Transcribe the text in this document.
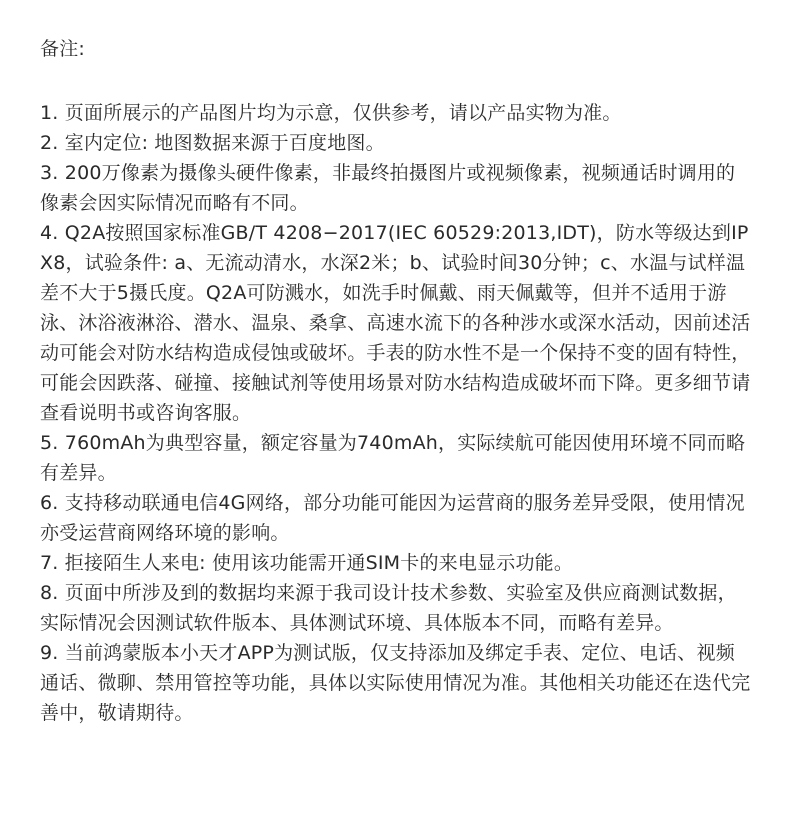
备注:
1. 页面所展示的产品图片均为示意，仅供参考，请以产品实物为准。
2. 室内定位: 地图数据来源于百度地图。
3. 200万像素为摄像头硬件像素，非最终拍摄图片或视频像素，视频通话时调用的像素会因实际情况而略有不同。
4. Q2A按照国家标准GB/T 4208−2017(IEC 60529:2013,IDT)，防水等级达到IPX8，试验条件: a、无流动清水，水深2米；b、试验时间30分钟；c、水温与试样温差不大于5摄氏度。Q2A可防溅水，如洗手时佩戴、雨天佩戴等，但并不适用于游泳、沐浴液淋浴、潜水、温泉、桑拿、高速水流下的各种涉水或深水活动，因前述活动可能会对防水结构造成侵蚀或破坏。手表的防水性不是一个保持不变的固有特性，可能会因跌落、碰撞、接触试剂等使用场景对防水结构造成破坏而下降。更多细节请查看说明书或咨询客服。
5. 760mAh为典型容量，额定容量为740mAh，实际续航可能因使用环境不同而略有差异。
6. 支持移动联通电信4G网络，部分功能可能因为运营商的服务差异受限，使用情况亦受运营商网络环境的影响。
7. 拒接陌生人来电: 使用该功能需开通SIM卡的来电显示功能。
8. 页面中所涉及到的数据均来源于我司设计技术参数、实验室及供应商测试数据，实际情况会因测试软件版本、具体测试环境、具体版本不同，而略有差异。
9. 当前鸿蒙版本小天才APP为测试版，仅支持添加及绑定手表、定位、电话、视频通话、微聊、禁用管控等功能，具体以实际使用情况为准。其他相关功能还在迭代完善中，敬请期待。
